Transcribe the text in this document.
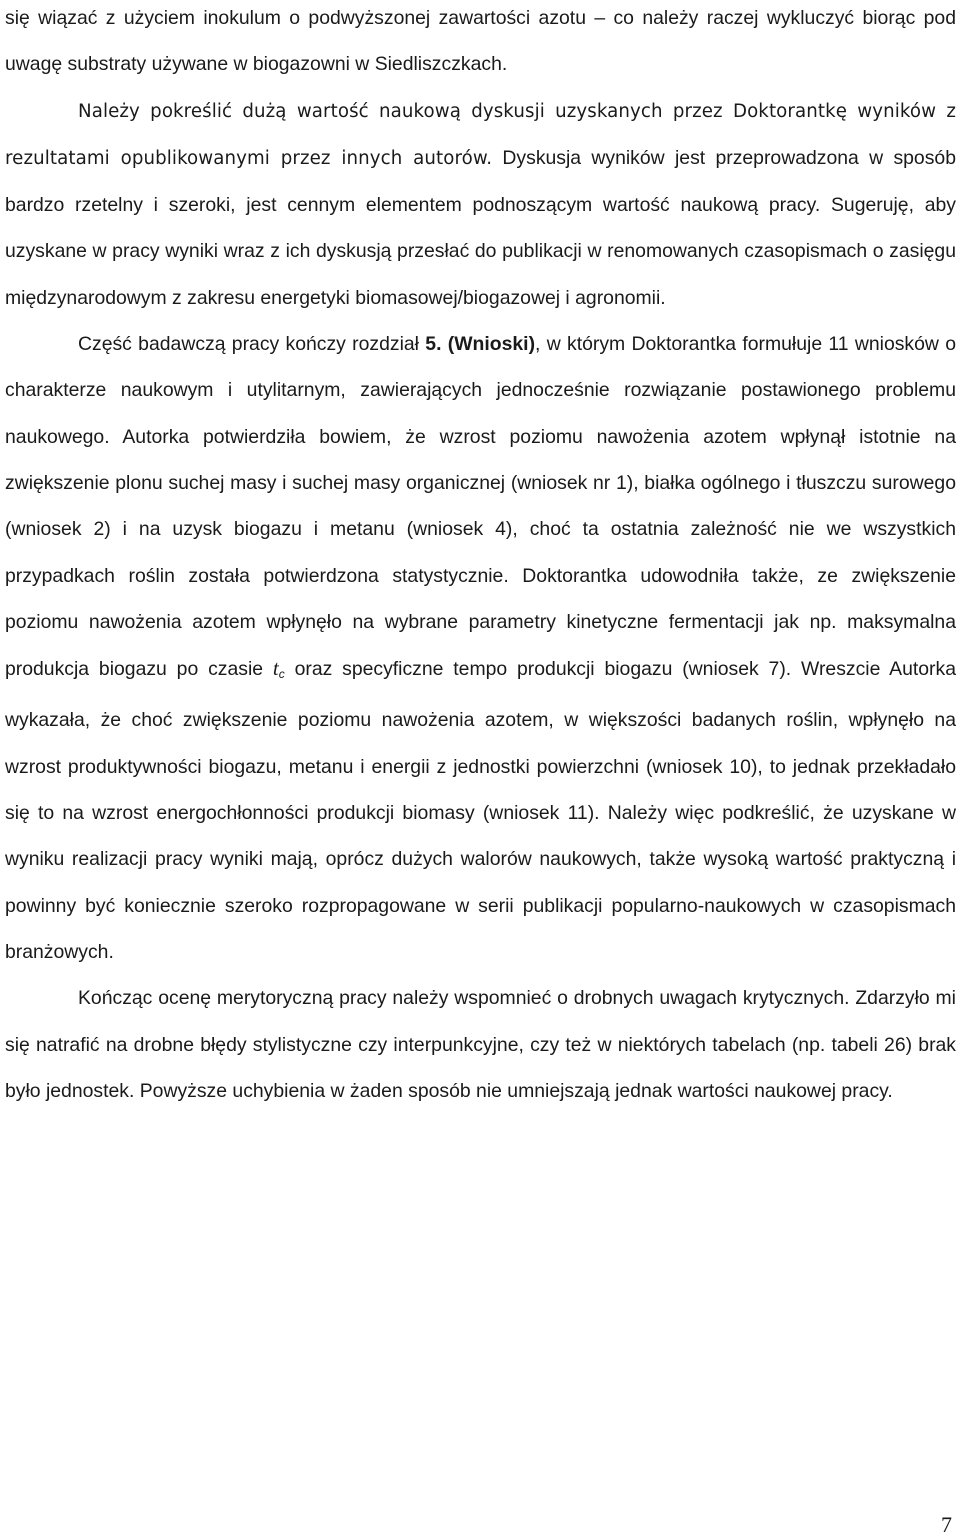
się wiązać z użyciem inokulum o podwyższonej zawartości azotu – co należy raczej wykluczyć biorąc pod uwagę substraty używane w biogazowni w Siedliszczkach.

Należy pokreślić dużą wartość naukową dyskusji uzyskanych przez Doktorantkę wyników z rezultatami opublikowanymi przez innych autorów. Dyskusja wyników jest przeprowadzona w sposób bardzo rzetelny i szeroki, jest cennym elementem podnoszącym wartość naukową pracy. Sugeruję, aby uzyskane w pracy wyniki wraz z ich dyskusją przesłać do publikacji w renomowanych czasopismach o zasięgu międzynarodowym z zakresu energetyki biomasowej/biogazowej i agronomii.

Część badawczą pracy kończy rozdział 5. (Wnioski), w którym Doktorantka formułuje 11 wniosków o charakterze naukowym i utylitarnym, zawierających jednocześnie rozwiązanie postawionego problemu naukowego. Autorka potwierdziła bowiem, że wzrost poziomu nawożenia azotem wpłynął istotnie na zwiększenie plonu suchej masy i suchej masy organicznej (wniosek nr 1), białka ogólnego i tłuszczu surowego (wniosek 2) i na uzysk biogazu i metanu (wniosek 4), choć ta ostatnia zależność nie we wszystkich przypadkach roślin została potwierdzona statystycznie. Doktorantka udowodniła także, ze zwiększenie poziomu nawożenia azotem wpłynęło na wybrane parametry kinetyczne fermentacji jak np. maksymalna produkcja biogazu po czasie $t_c$ oraz specyficzne tempo produkcji biogazu (wniosek 7). Wreszcie Autorka wykazała, że choć zwiększenie poziomu nawożenia azotem, w większości badanych roślin, wpłynęło na wzrost produktywności biogazu, metanu i energii z jednostki powierzchni (wniosek 10), to jednak przekładało się to na wzrost energochłonności produkcji biomasy (wniosek 11). Należy więc podkreślić, że uzyskane w wyniku realizacji pracy wyniki mają, oprócz dużych walorów naukowych, także wysoką wartość praktyczną i powinny być koniecznie szeroko rozpropagowane w serii publikacji popularno-naukowych w czasopismach branżowych.

Kończąc ocenę merytoryczną pracy należy wspomnieć o drobnych uwagach krytycznych. Zdarzyło mi się natrafić na drobne błędy stylistyczne czy interpunkcyjne, czy też w niektórych tabelach (np. tabeli 26) brak było jednostek. Powyższe uchybienia w żaden sposób nie umniejszają jednak wartości naukowej pracy.

7
